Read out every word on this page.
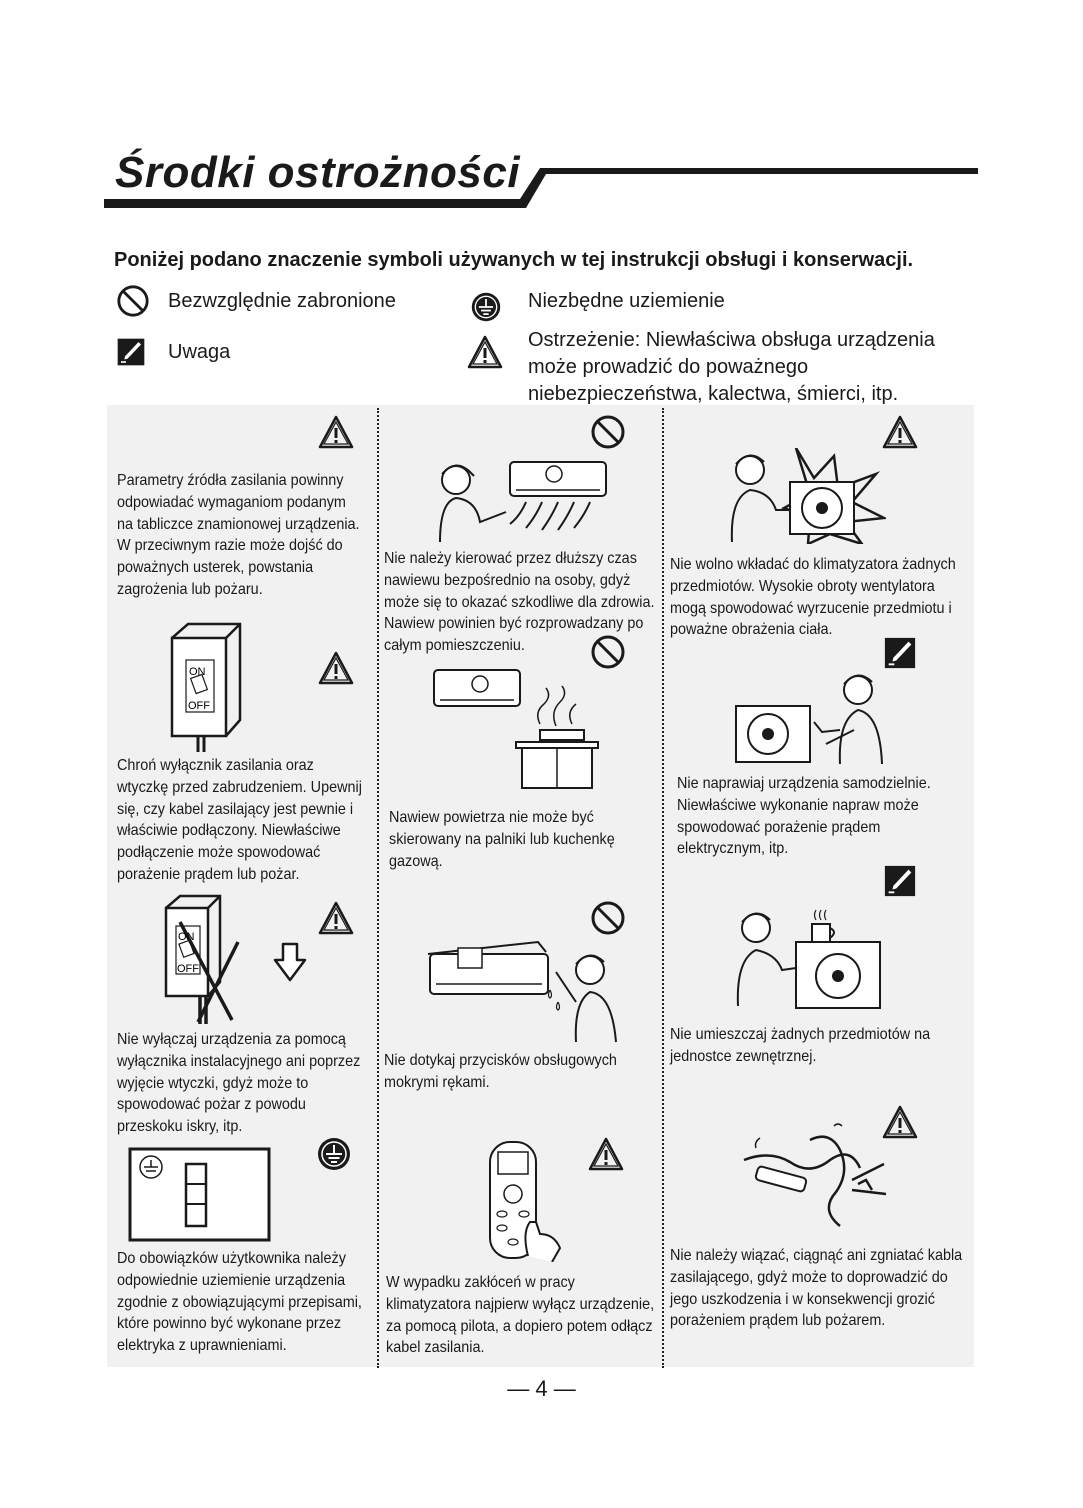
Środki ostrożności
Poniżej podano znaczenie symboli używanych w tej instrukcji obsługi i konserwacji.
Bezwzględnie zabronione	Niezbędne uziemienie
Uwaga
Ostrzeżenie: Niewłaściwa obsługa urządzenia
może prowadzić do poważnego
niebezpieczeństwa, kalectwa, śmierci, itp.
Parametry źródła zasilania powinny
odpowiadać wymaganiom podanym
na tabliczce znamionowej urządzenia.
W przeciwnym razie może dojść do
poważnych usterek, powstania
zagrożenia lub pożaru.
ON
OFF
Chroń wyłącznik zasilania oraz
wtyczkę przed zabrudzeniem. Upewnij
się, czy kabel zasilający jest pewnie i
właściwie podłączony. Niewłaściwe
podłączenie może spowodować
porażenie prądem lub pożar.
ON
OFF
Nie wyłączaj urządzenia za pomocą
wyłącznika instalacyjnego ani poprzez
wyjęcie wtyczki, gdyż może to
spowodować pożar z powodu
przeskoku iskry, itp.
Do obowiązków użytkownika należy
odpowiednie uziemienie urządzenia
zgodnie z obowiązującymi przepisami,
które powinno być wykonane przez
elektryka z uprawnieniami.
Nie należy kierować przez dłuższy czas
nawiewu bezpośrednio na osoby, gdyż
może się to okazać szkodliwe dla zdrowia.
Nawiew powinien być rozprowadzany po
całym pomieszczeniu.
Nawiew powietrza nie może być
skierowany na palniki lub kuchenkę
gazową.
Nie dotykaj przycisków obsługowych
mokrymi rękami.
W wypadku zakłóceń w pracy
klimatyzatora najpierw wyłącz urządzenie,
za pomocą pilota, a dopiero potem odłącz
kabel zasilania.
Nie wolno wkładać do klimatyzatora żadnych
przedmiotów. Wysokie obroty wentylatora
mogą spowodować wyrzucenie przedmiotu i
poważne obrażenia ciała.
Nie naprawiaj urządzenia samodzielnie.
Niewłaściwe wykonanie napraw może
spowodować porażenie prądem
elektrycznym, itp.
Nie umieszczaj żadnych przedmiotów na
jednostce zewnętrznej.
Nie należy wiązać, ciągnąć ani zgniatać kabla
zasilającego, gdyż może to doprowadzić do
jego uszkodzenia i w konsekwencji grozić
porażeniem prądem lub pożarem.
— 4 —
